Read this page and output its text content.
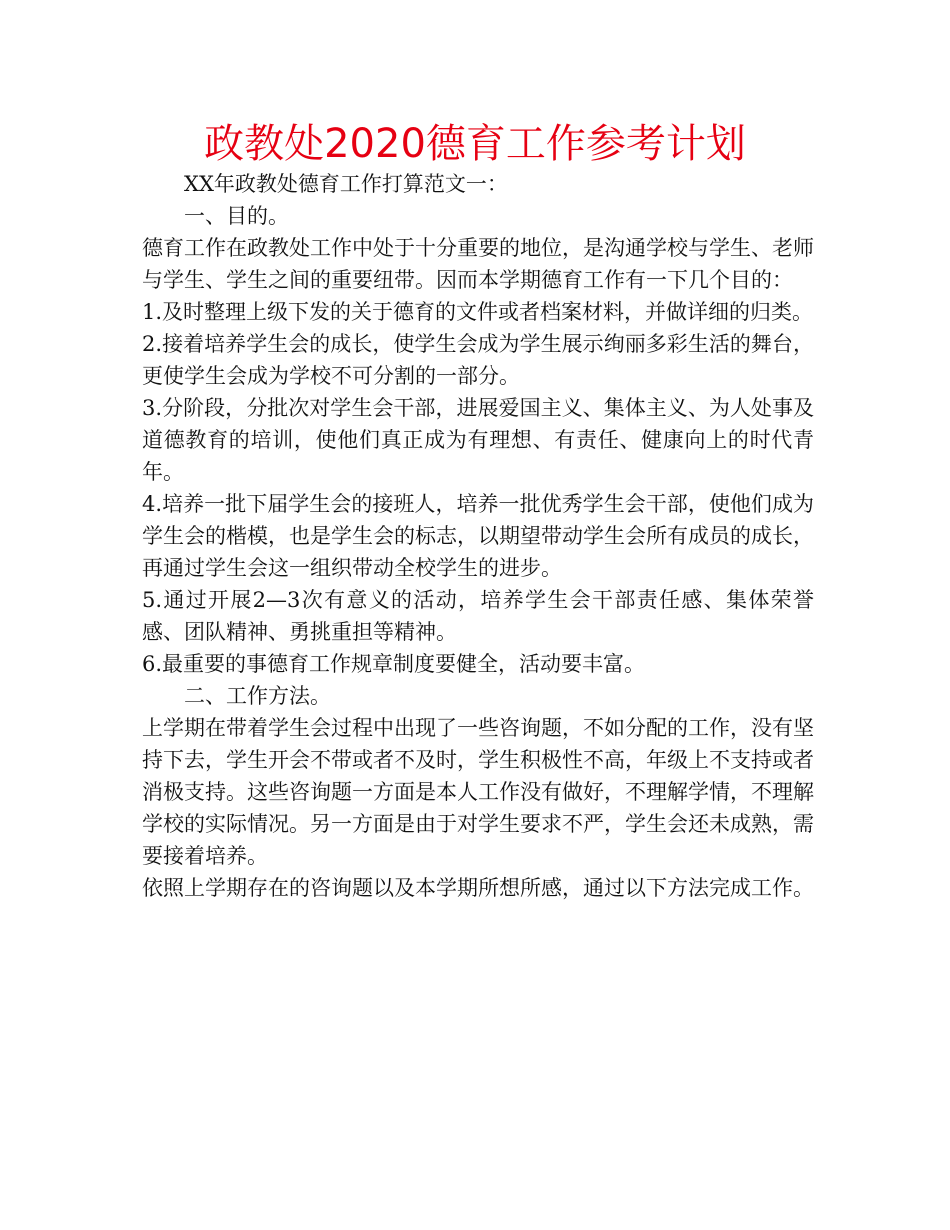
政教处2020德育工作参考计划

XX年政教处德育工作打算范文一：

一、目的。

德育工作在政教处工作中处于十分重要的地位，是沟通学校与学生、老师与学生、学生之间的重要纽带。因而本学期德育工作有一下几个目的：

1.及时整理上级下发的关于德育的文件或者档案材料，并做详细的归类。

2.接着培养学生会的成长，使学生会成为学生展示绚丽多彩生活的舞台，更使学生会成为学校不可分割的一部分。

3.分阶段，分批次对学生会干部，进展爱国主义、集体主义、为人处事及道德教育的培训，使他们真正成为有理想、有责任、健康向上的时代青年。

4.培养一批下届学生会的接班人，培养一批优秀学生会干部，使他们成为学生会的楷模，也是学生会的标志，以期望带动学生会所有成员的成长，再通过学生会这一组织带动全校学生的进步。

5.通过开展2—3次有意义的活动，培养学生会干部责任感、集体荣誉感、团队精神、勇挑重担等精神。

6.最重要的事德育工作规章制度要健全，活动要丰富。

二、工作方法。

上学期在带着学生会过程中出现了一些咨询题，不如分配的工作，没有坚持下去，学生开会不带或者不及时，学生积极性不高，年级上不支持或者消极支持。这些咨询题一方面是本人工作没有做好，不理解学情，不理解学校的实际情况。另一方面是由于对学生要求不严，学生会还未成熟，需要接着培养。

依照上学期存在的咨询题以及本学期所想所感，通过以下方法完成工作。
